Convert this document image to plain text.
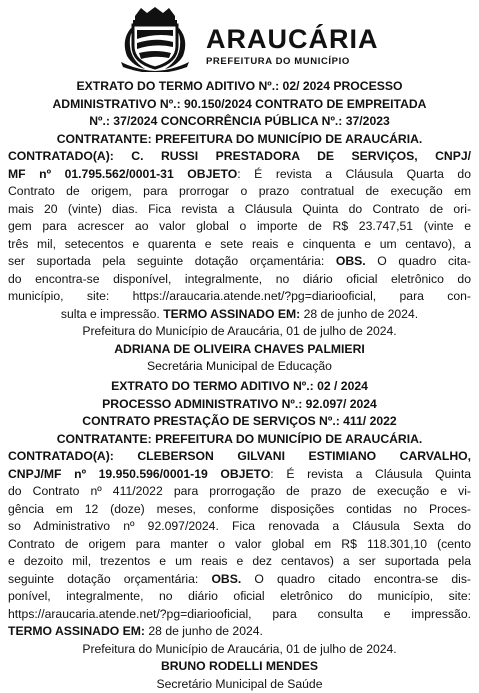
ARAUCÁRIA
PREFEITURA DO MUNICÍPIO
EXTRATO DO TERMO ADITIVO Nº.: 02/ 2024 PROCESSO
ADMINISTRATIVO Nº.: 90.150/2024 CONTRATO DE EMPREITADA
Nº.: 37/2024 CONCORRÊNCIA PÚBLICA Nº.: 37/2023
CONTRATANTE: PREFEITURA DO MUNICÍPIO DE ARAUCÁRIA.
CONTRATADO(A): C. RUSSI PRESTADORA DE SERVIÇOS, CNPJ/
MF nº 01.795.562/0001-31 OBJETO: É revista a Cláusula Quarta do
Contrato de origem, para prorrogar o prazo contratual de execução em
mais 20 (vinte) dias. Fica revista a Cláusula Quinta do Contrato de ori-
gem para acrescer ao valor global o importe de R$ 23.747,51 (vinte e
três mil, setecentos e quarenta e sete reais e cinquenta e um centavo), a
ser suportada pela seguinte dotação orçamentária: OBS. O quadro cita-
do encontra-se disponível, integralmente, no diário oficial eletrônico do
município, site: https://araucaria.atende.net/?pg=diariooficial, para con-
sulta e impressão. TERMO ASSINADO EM: 28 de junho de 2024.
Prefeitura do Município de Araucária, 01 de julho de 2024.
ADRIANA DE OLIVEIRA CHAVES PALMIERI
Secretária Municipal de Educação
EXTRATO DO TERMO ADITIVO Nº.: 02 / 2024
PROCESSO ADMINISTRATIVO Nº.: 92.097/ 2024
CONTRATO PRESTAÇÃO DE SERVIÇOS Nº.: 411/ 2022
CONTRATANTE: PREFEITURA DO MUNICÍPIO DE ARAUCÁRIA.
CONTRATADO(A): CLEBERSON GILVANI ESTIMIANO CARVALHO,
CNPJ/MF nº 19.950.596/0001-19 OBJETO: É revista a Cláusula Quinta
do Contrato nº 411/2022 para prorrogação de prazo de execução e vi-
gência em 12 (doze) meses, conforme disposições contidas no Proces-
so Administrativo nº 92.097/2024. Fica renovada a Cláusula Sexta do
Contrato de origem para manter o valor global em R$ 118.301,10 (cento
e dezoito mil, trezentos e um reais e dez centavos) a ser suportada pela
seguinte dotação orçamentária: OBS. O quadro citado encontra-se dis-
ponível, integralmente, no diário oficial eletrônico do município, site:
https://araucaria.atende.net/?pg=diariooficial, para consulta e impressão.
TERMO ASSINADO EM: 28 de junho de 2024.
Prefeitura do Município de Araucária, 01 de julho de 2024.
BRUNO RODELLI MENDES
Secretário Municipal de Saúde
